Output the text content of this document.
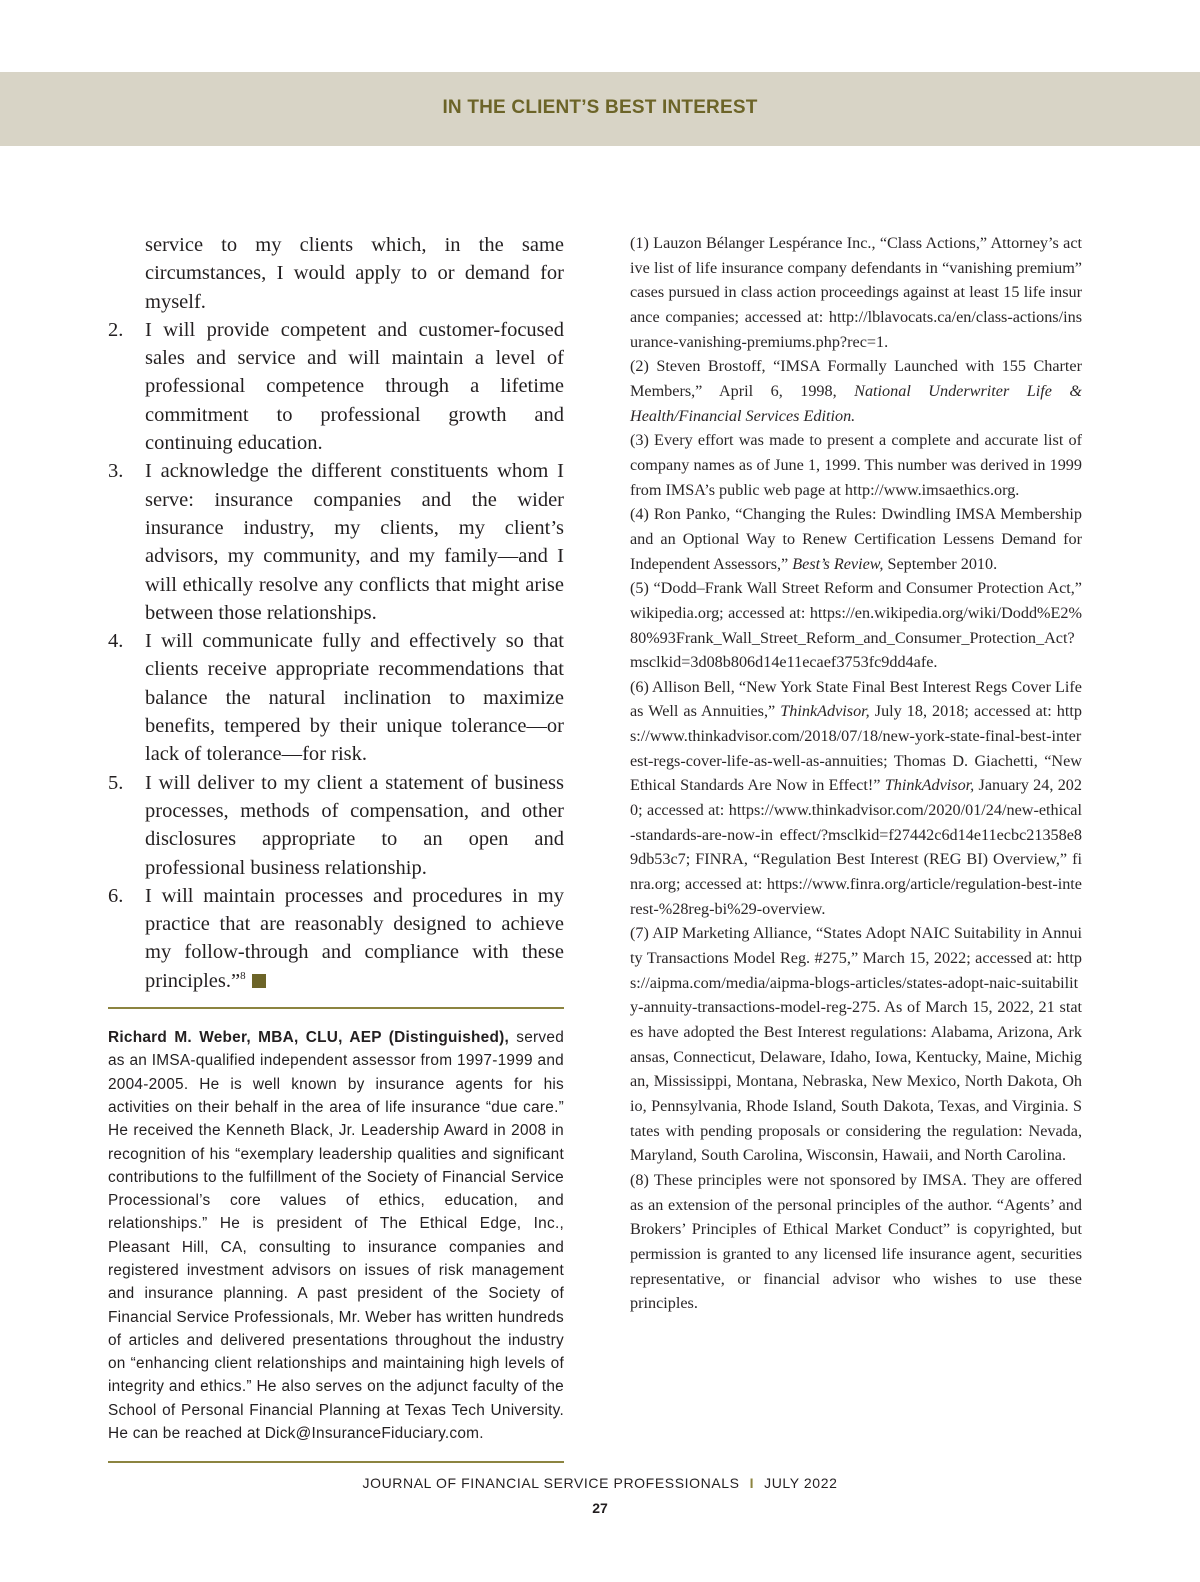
IN THE CLIENT’S BEST INTEREST
service to my clients which, in the same circumstances, I would apply to or demand for myself.
2. I will provide competent and customer-focused sales and service and will maintain a level of professional competence through a lifetime commitment to professional growth and continuing education.
3. I acknowledge the different constituents whom I serve: insurance companies and the wider insurance industry, my clients, my client’s advisors, my community, and my family—and I will ethically resolve any conflicts that might arise between those relationships.
4. I will communicate fully and effectively so that clients receive appropriate recommendations that balance the natural inclination to maximize benefits, tempered by their unique tolerance—or lack of tolerance—for risk.
5. I will deliver to my client a statement of business processes, methods of compensation, and other disclosures appropriate to an open and professional business relationship.
6. I will maintain processes and procedures in my practice that are reasonably designed to achieve my follow-through and compliance with these principles.”$^8$
Richard M. Weber, MBA, CLU, AEP (Distinguished), served as an IMSA-qualified independent assessor from 1997-1999 and 2004-2005. He is well known by insurance agents for his activities on their behalf in the area of life insurance “due care.” He received the Kenneth Black, Jr. Leadership Award in 2008 in recognition of his “exemplary leadership qualities and significant contributions to the fulfillment of the Society of Financial Service Processional’s core values of ethics, education, and relationships.” He is president of The Ethical Edge, Inc., Pleasant Hill, CA, consulting to insurance companies and registered investment advisors on issues of risk management and insurance planning. A past president of the Society of Financial Service Professionals, Mr. Weber has written hundreds of articles and delivered presentations throughout the industry on “enhancing client relationships and maintaining high levels of integrity and ethics.” He also serves on the adjunct faculty of the School of Personal Financial Planning at Texas Tech University. He can be reached at Dick@InsuranceFiduciary.com.

(1) Lauzon Bélanger Lespérance Inc., “Class Actions,” Attorney’s active list of life insurance company defendants in “vanishing premium” cases pursued in class action proceedings against at least 15 life insurance companies; accessed at: http://lblavocats.ca/en/class-actions/insurance-vanishing-premiums.php?rec=1.

(2) Steven Brostoff, “IMSA Formally Launched with 155 Charter Members,” April 6, 1998, National Underwriter Life & Health/Financial Services Edition.

(3) Every effort was made to present a complete and accurate list of company names as of June 1, 1999. This number was derived in 1999 from IMSA’s public web page at http://www.imsaethics.org.

(4) Ron Panko, “Changing the Rules: Dwindling IMSA Membership and an Optional Way to Renew Certification Lessens Demand for Independent Assessors,” Best’s Review, September 2010.

(5) “Dodd–Frank Wall Street Reform and Consumer Protection Act,” wikipedia.org; accessed at: https://en.wikipedia.org/wiki/Dodd%E2%80%93Frank_Wall_Street_Reform_and_Consumer_Protection_Act?msclkid=3d08b806d14e11ecaef3753fc9dd4afe.

(6) Allison Bell, “New York State Final Best Interest Regs Cover Life as Well as Annuities,” ThinkAdvisor, July 18, 2018; accessed at: https://www.thinkadvisor.com/2018/07/18/new-york-state-final-best-interest-regs-cover-life-as-well-as-annuities; Thomas D. Giachetti, “New Ethical Standards Are Now in Effect!” ThinkAdvisor, January 24, 2020; accessed at: https://www.thinkadvisor.com/2020/01/24/new-ethical-standards-are-now-in effect/?msclkid=f27442c6d14e11ecbc21358e89db53c7; FINRA, “Regulation Best Interest (REG BI) Overview,” finra.org; accessed at: https://www.finra.org/article/regulation-best-interest-%28reg-bi%29-overview.

(7) AIP Marketing Alliance, “States Adopt NAIC Suitability in Annuity Transactions Model Reg. #275,” March 15, 2022; accessed at: https://aipma.com/media/aipma-blogs-articles/states-adopt-naic-suitability-annuity-transactions-model-reg-275. As of March 15, 2022, 21 states have adopted the Best Interest regulations: Alabama, Arizona, Arkansas, Connecticut, Delaware, Idaho, Iowa, Kentucky, Maine, Michigan, Mississippi, Montana, Nebraska, New Mexico, North Dakota, Ohio, Pennsylvania, Rhode Island, South Dakota, Texas, and Virginia. States with pending proposals or considering the regulation: Nevada, Maryland, South Carolina, Wisconsin, Hawaii, and North Carolina.

(8) These principles were not sponsored by IMSA. They are offered as an extension of the personal principles of the author. “Agents’ and Brokers’ Principles of Ethical Market Conduct” is copyrighted, but permission is granted to any licensed life insurance agent, securities representative, or financial advisor who wishes to use these principles.

JOURNAL OF FINANCIAL SERVICE PROFESSIONALS I JULY 2022
27
